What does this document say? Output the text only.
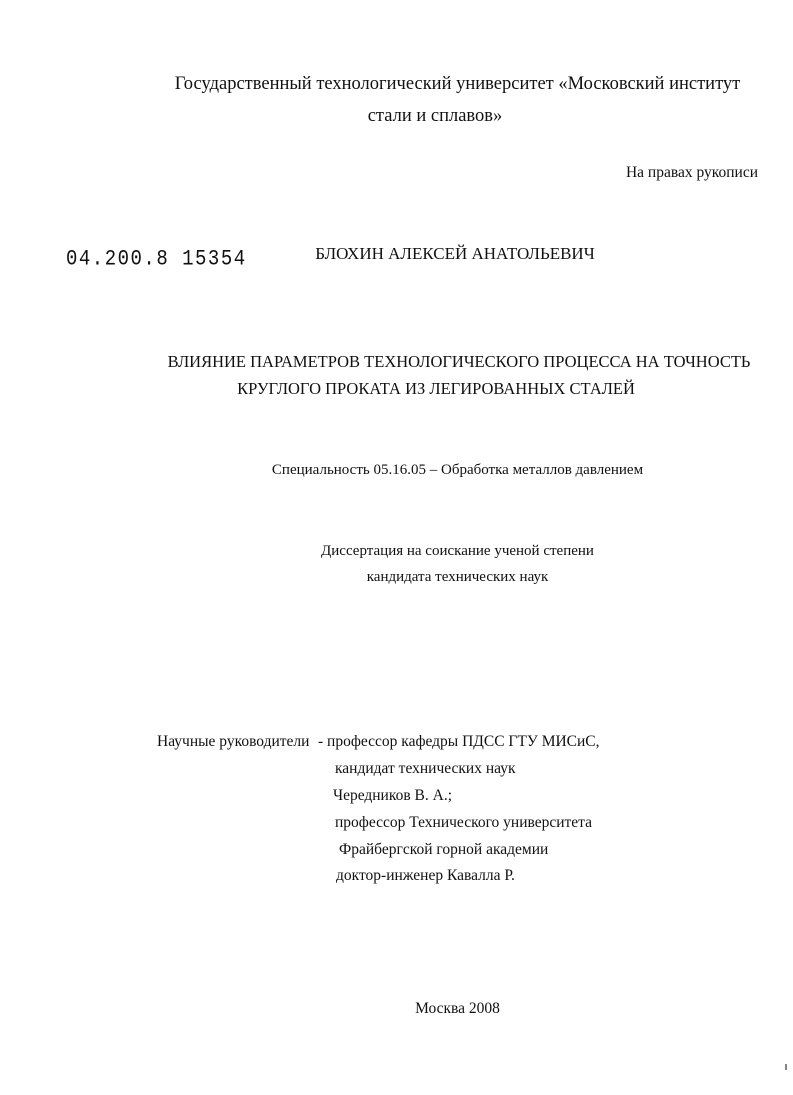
Государственный технологический университет «Московский институт

стали и сплавов»

На правах рукописи

04.200.8 15354	БЛОХИН АЛЕКСЕЙ АНАТОЛЬЕВИЧ

ВЛИЯНИЕ ПАРАМЕТРОВ ТЕХНОЛОГИЧЕСКОГО ПРОЦЕССА НА ТОЧНОСТЬ

КРУГЛОГО ПРОКАТА ИЗ ЛЕГИРОВАННЫХ СТАЛЕЙ

Специальность 05.16.05 – Обработка металлов давлением

Диссертация на соискание ученой степени

кандидата технических наук

Научные руководители - профессор кафедры ПДСС ГТУ МИСиС,

кандидат технических наук

Чередников В. А.;

профессор Технического университета

Фрайбергской горной академии

доктор-инженер Кавалла Р.

Москва 2008
